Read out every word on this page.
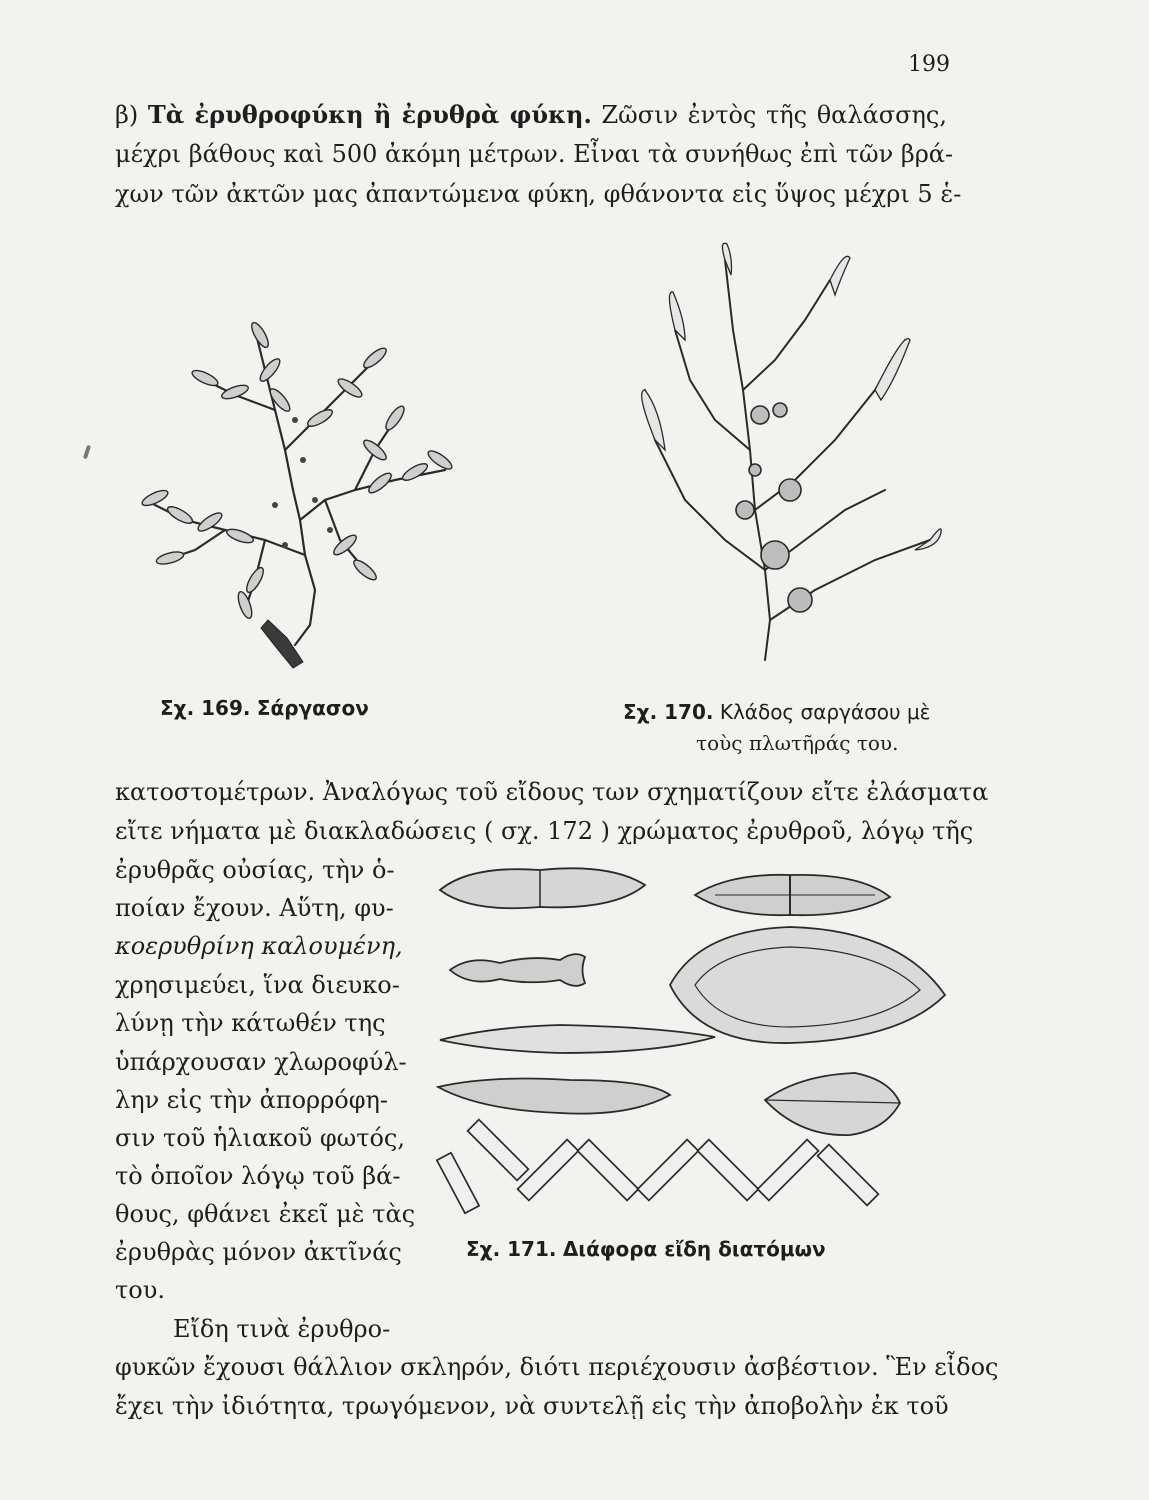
199
β) Τὰ ἐρυθροφύκη ἢ ἐρυθρὰ φύκη. Ζῶσιν ἐντὸς τῆς θαλάσσης,
μέχρι βάθους καὶ 500 ἀκόμη μέτρων. Εἶναι τὰ συνήθως ἐπὶ τῶν βρά-
χων τῶν ἀκτῶν μας ἀπαντώμενα φύκη, φθάνοντα εἰς ὕψος μέχρι 5 ἑ-
Σχ. 169. Σάργασον	Σχ. 170. Κλάδος σαργάσου μὲ
τοὺς πλωτῆράς του.
κατοστομέτρων. Ἀναλόγως τοῦ εἴδους των σχηματίζουν εἴτε ἐλάσματα
εἴτε νήματα μὲ διακλαδώσεις ( σχ. 172 ) χρώματος ἐρυθροῦ, λόγῳ τῆς
ἐρυθρᾶς οὐσίας, τὴν ὁ-
ποίαν ἔχουν. Αὕτη, φυ-
κοερυθρίνη καλουμένη,
χρησιμεύει, ἵνα διευκο-
λύνῃ τὴν κάτωθέν της
ὑπάρχουσαν χλωροφύλ-
λην εἰς τὴν ἀπορρόφη-
σιν τοῦ ἡλιακοῦ φωτός,
τὸ ὁποῖον λόγῳ τοῦ βά-
θους, φθάνει ἐκεῖ μὲ τὰς
ἐρυθρὰς μόνον ἀκτῖνάς
του.
Εἴδη τινὰ ἐρυθρο-
Σχ. 171. Διάφορα εἴδη διατόμων
φυκῶν ἔχουσι θάλλιον σκληρόν, διότι περιέχουσιν ἀσβέστιον. Ἓν εἶδος
ἔχει τὴν ἰδιότητα, τρωγόμενον, νὰ συντελῇ εἰς τὴν ἀποβολὴν ἐκ τοῦ
